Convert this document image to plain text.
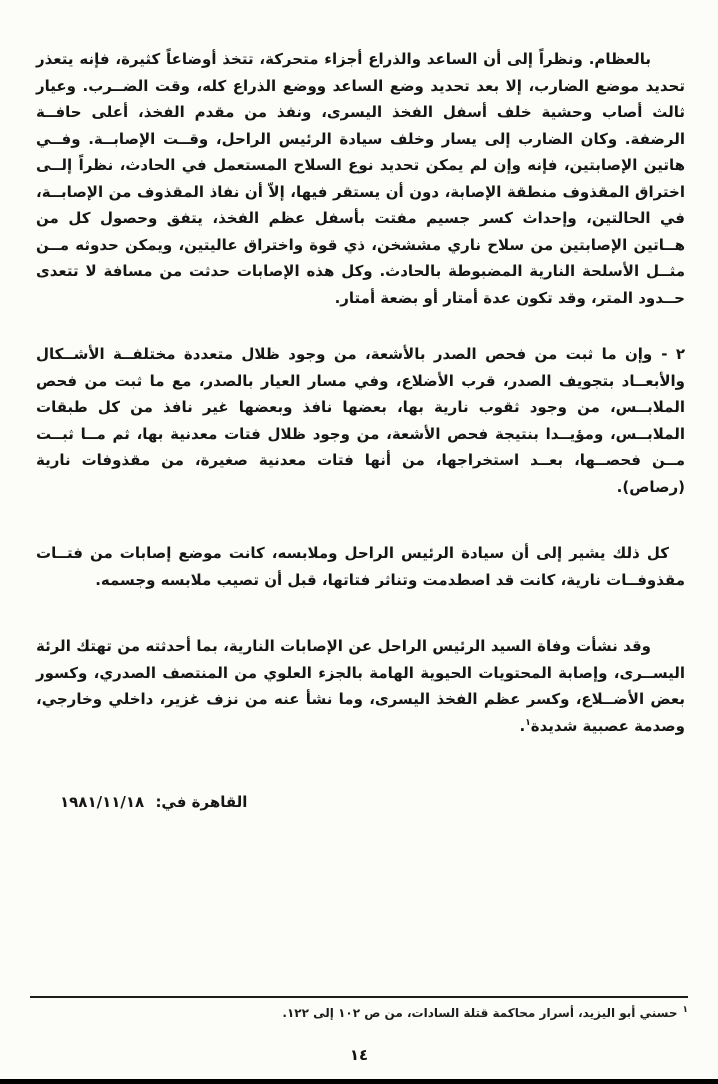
بالعظام. ونظراً إلى أن الساعد والذراع أجزاء متحركة، تتخذ أوضاعاً كثيرة، فإنه يتعذر تحديد موضع الضارب، إلا بعد تحديد وضع الساعد ووضع الذراع كله، وقت الضــرب. وعيار ثالث أصاب وحشية خلف أسفل الفخذ اليسرى، ونفذ من مقدم الفخذ، أعلى حافــة الرضفة. وكان الضارب إلى يسار وخلف سيادة الرئيس الراحل، وقــت الإصابــة. وفــي هاتين الإصابتين، فإنه وإن لم يمكن تحديد نوع السلاح المستعمل في الحادث، نظراً إلــى اختراق المقذوف منطقة الإصابة، دون أن يستقر فيها، إلاّ أن نفاذ المقذوف من الإصابــة، في الحالتين، وإحداث كسر جسيم مفتت بأسفل عظم الفخذ، يتفق وحصول كل من هــاتين الإصابتين من سلاح ناري مششخن، ذي قوة واختراق عاليتين، ويمكن حدوثه مــن مثــل الأسلحة النارية المضبوطة بالحادث. وكل هذه الإصابات حدثت من مسافة لا تتعدى حــدود المتر، وقد تكون عدة أمتار أو بضعة أمتار.

٢ -وإن ما ثبت من فحص الصدر بالأشعة، من وجود ظلال متعددة مختلفــة الأشــكال والأبعــاد بتجويف الصدر، قرب الأضلاع، وفي مسار العيار بالصدر، مع ما ثبت من فحص الملابــس، من وجود ثقوب نارية بها، بعضها نافذ وبعضها غير نافذ من كل طبقات الملابــس، ومؤيــدا بنتيجة فحص الأشعة، من وجود ظلال فتات معدنية بها، ثم مــا ثبــت مــن فحصــها، بعــد استخراجها، من أنها فتات معدنية صغيرة، من مقذوفات نارية (رصاص).

كل ذلك يشير إلى أن سيادة الرئيس الراحل وملابسه، كانت موضع إصابات من فتــات مقذوفــات نارية، كانت قد اصطدمت وتناثر فتاتها، قبل أن تصيب ملابسه وجسمه.

وقد نشأت وفاة السيد الرئيس الراحل عن الإصابات النارية، بما أحدثته من تهتك الرئة اليســرى، وإصابة المحتويات الحيوية الهامة بالجزء العلوي من المنتصف الصدري، وكسور بعض الأضــلاع، وكسر عظم الفخذ اليسرى، وما نشأ عنه من نزف غزير، داخلي وخارجي، وصدمة عصبية شديدة$^١$.

القاهرة في: ١٩٨١/١١/١٨

$^١$حسني أبو اليزيد، أسرار محاكمة قتلة السادات، من ص ١٠٢ إلى ١٢٢.

١٤
